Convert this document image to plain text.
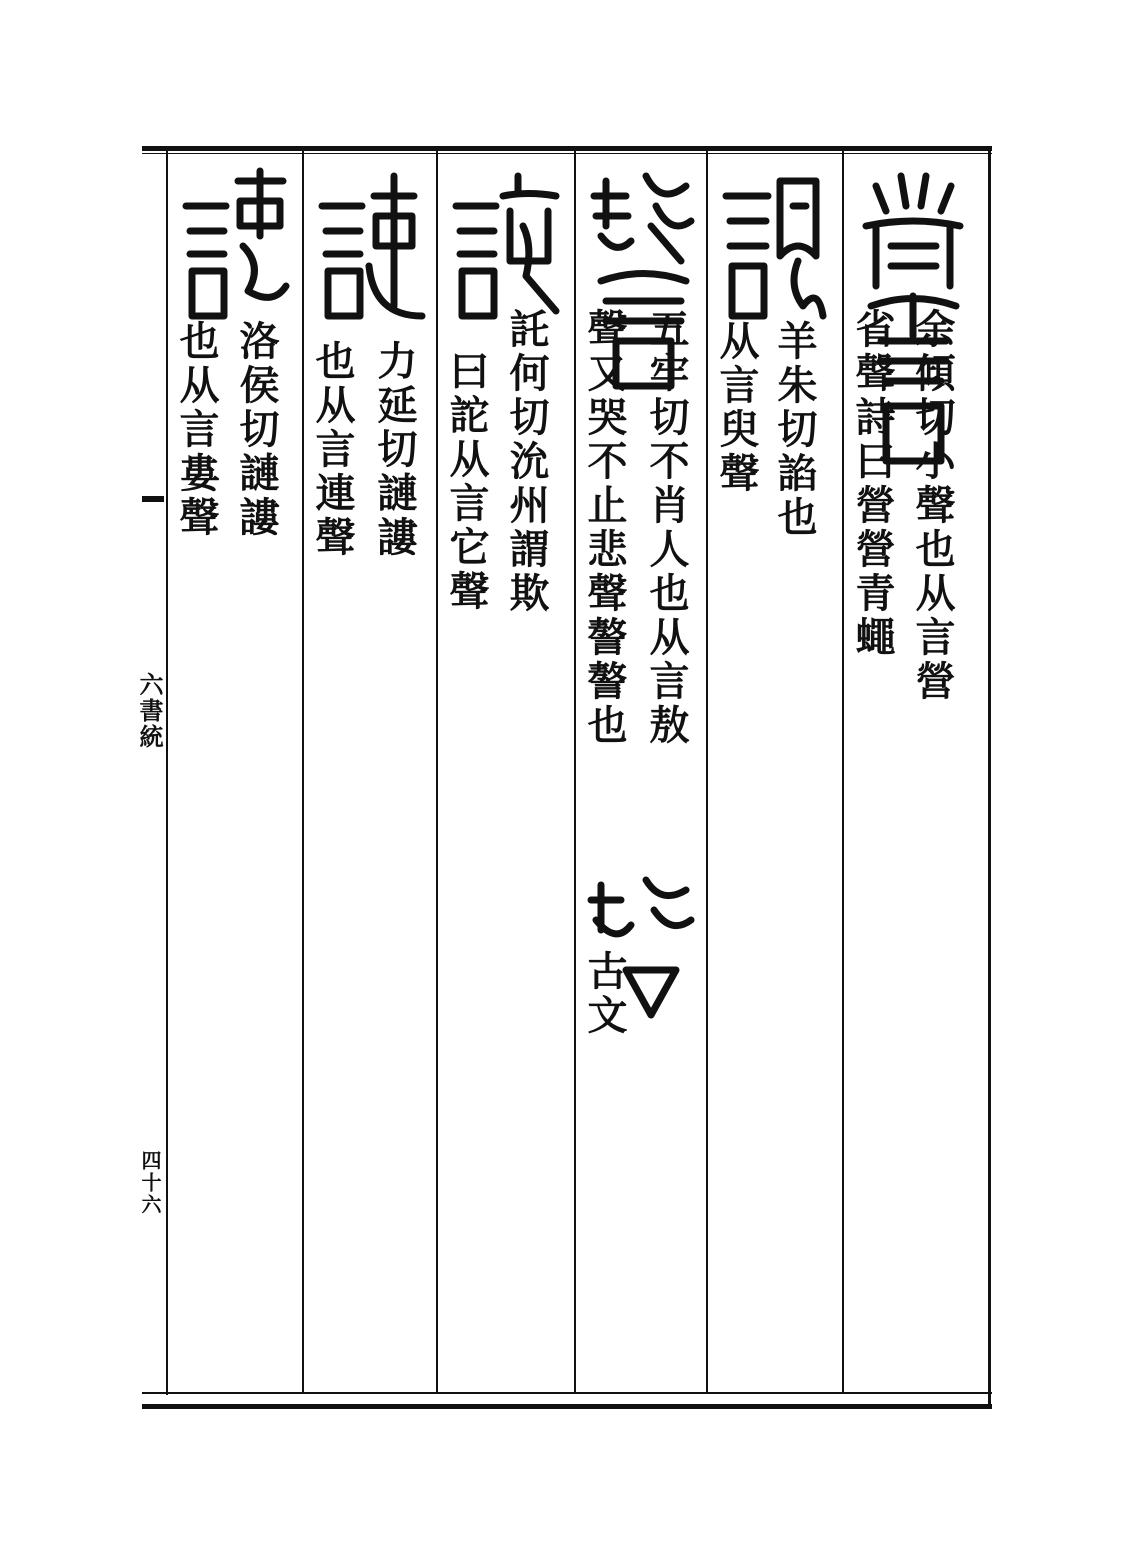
六書統
四十六
余傾切小聲也从言營
省聲詩曰營營青蠅
羊朱切諂也
从言臾聲
五牢切不肖人也从言敖
聲又哭不止悲聲謷謷也
古文
託何切沇州謂欺
曰詑从言它聲
力延切謰謱
也从言連聲
洛侯切謰謱
也从言婁聲
